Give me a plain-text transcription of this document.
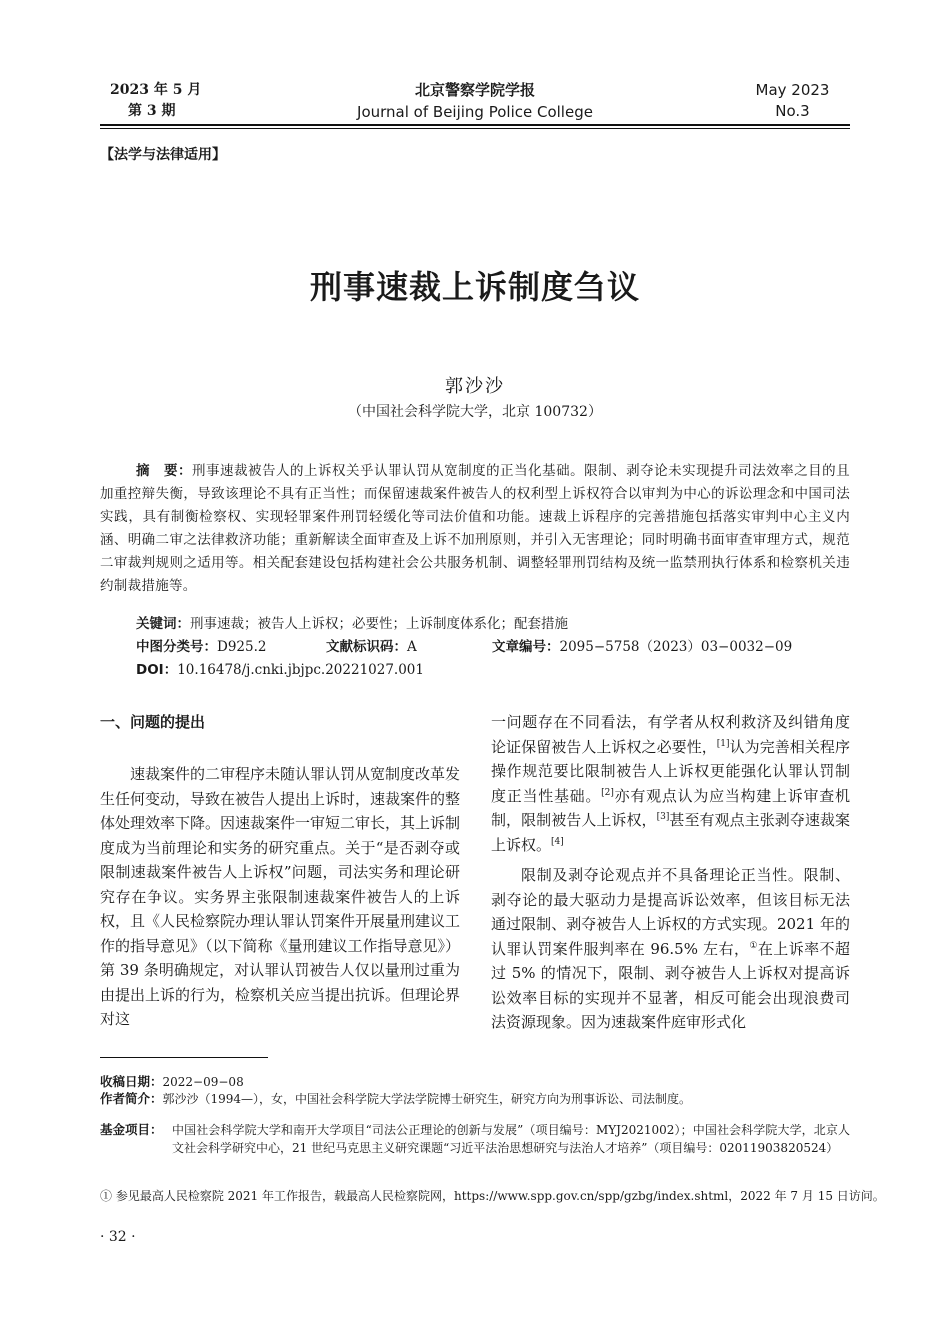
2023 年 5 月
第 3 期
北京警察学院学报
Journal of Beijing Police College
May 2023
No.3
【法学与法律适用】
刑事速裁上诉制度刍议
郭沙沙
（中国社会科学院大学，北京 100732）
摘　要：刑事速裁被告人的上诉权关乎认罪认罚从宽制度的正当化基础。限制、剥夺论未实现提升司法效率之目的且加重控辩失衡，导致该理论不具有正当性；而保留速裁案件被告人的权利型上诉权符合以审判为中心的诉讼理念和中国司法实践，具有制衡检察权、实现轻罪案件刑罚轻缓化等司法价值和功能。速裁上诉程序的完善措施包括落实审判中心主义内涵、明确二审之法律救济功能；重新解读全面审查及上诉不加刑原则，并引入无害理论；同时明确书面审查审理方式，规范二审裁判规则之适用等。相关配套建设包括构建社会公共服务机制、调整轻罪刑罚结构及统一监禁刑执行体系和检察机关违约制裁措施等。
关键词：刑事速裁；被告人上诉权；必要性；上诉制度体系化；配套措施
中图分类号：D925.2	文献标识码：A	文章编号：2095−5758（2023）03−0032−09
DOI：10.16478/j.cnki.jbjpc.20221027.001
一、问题的提出

速裁案件的二审程序未随认罪认罚从宽制度改革发生任何变动，导致在被告人提出上诉时，速裁案件的整体处理效率下降。因速裁案件一审短二审长，其上诉制度成为当前理论和实务的研究重点。关于“是否剥夺或限制速裁案件被告人上诉权”问题，司法实务和理论研究存在争议。实务界主张限制速裁案件被告人的上诉权，且《人民检察院办理认罪认罚案件开展量刑建议工作的指导意见》（以下简称《量刑建议工作指导意见》）第 39 条明确规定，对认罪认罚被告人仅以量刑过重为由提出上诉的行为，检察机关应当提出抗诉。但理论界对这

一问题存在不同看法，有学者从权利救济及纠错角度论证保留被告人上诉权之必要性，[1]认为完善相关程序操作规范要比限制被告人上诉权更能强化认罪认罚制度正当性基础。[2]亦有观点认为应当构建上诉审查机制，限制被告人上诉权，[3]甚至有观点主张剥夺速裁案上诉权。[4]

限制及剥夺论观点并不具备理论正当性。限制、剥夺论的最大驱动力是提高诉讼效率，但该目标无法通过限制、剥夺被告人上诉权的方式实现。2021 年的认罪认罚案件服判率在 96.5% 左右，①在上诉率不超过 5% 的情况下，限制、剥夺被告人上诉权对提高诉讼效率目标的实现并不显著，相反可能会出现浪费司法资源现象。因为速裁案件庭审形式化

收稿日期：2022−09−08
作者简介：郭沙沙（1994—），女，中国社会科学院大学法学院博士研究生，研究方向为刑事诉讼、司法制度。
基金项目： 中国社会科学院大学和南开大学项目“司法公正理论的创新与发展”（项目编号：MYJ2021002）；中国社会科学院大学，北京人文社会科学研究中心，21 世纪马克思主义研究课题“习近平法治思想研究与法治人才培养”（项目编号：02011903820524）
① 参见最高人民检察院 2021 年工作报告，载最高人民检察院网，https://www.spp.gov.cn/spp/gzbg/index.shtml，2022 年 7 月 15 日访问。
· 32 ·
